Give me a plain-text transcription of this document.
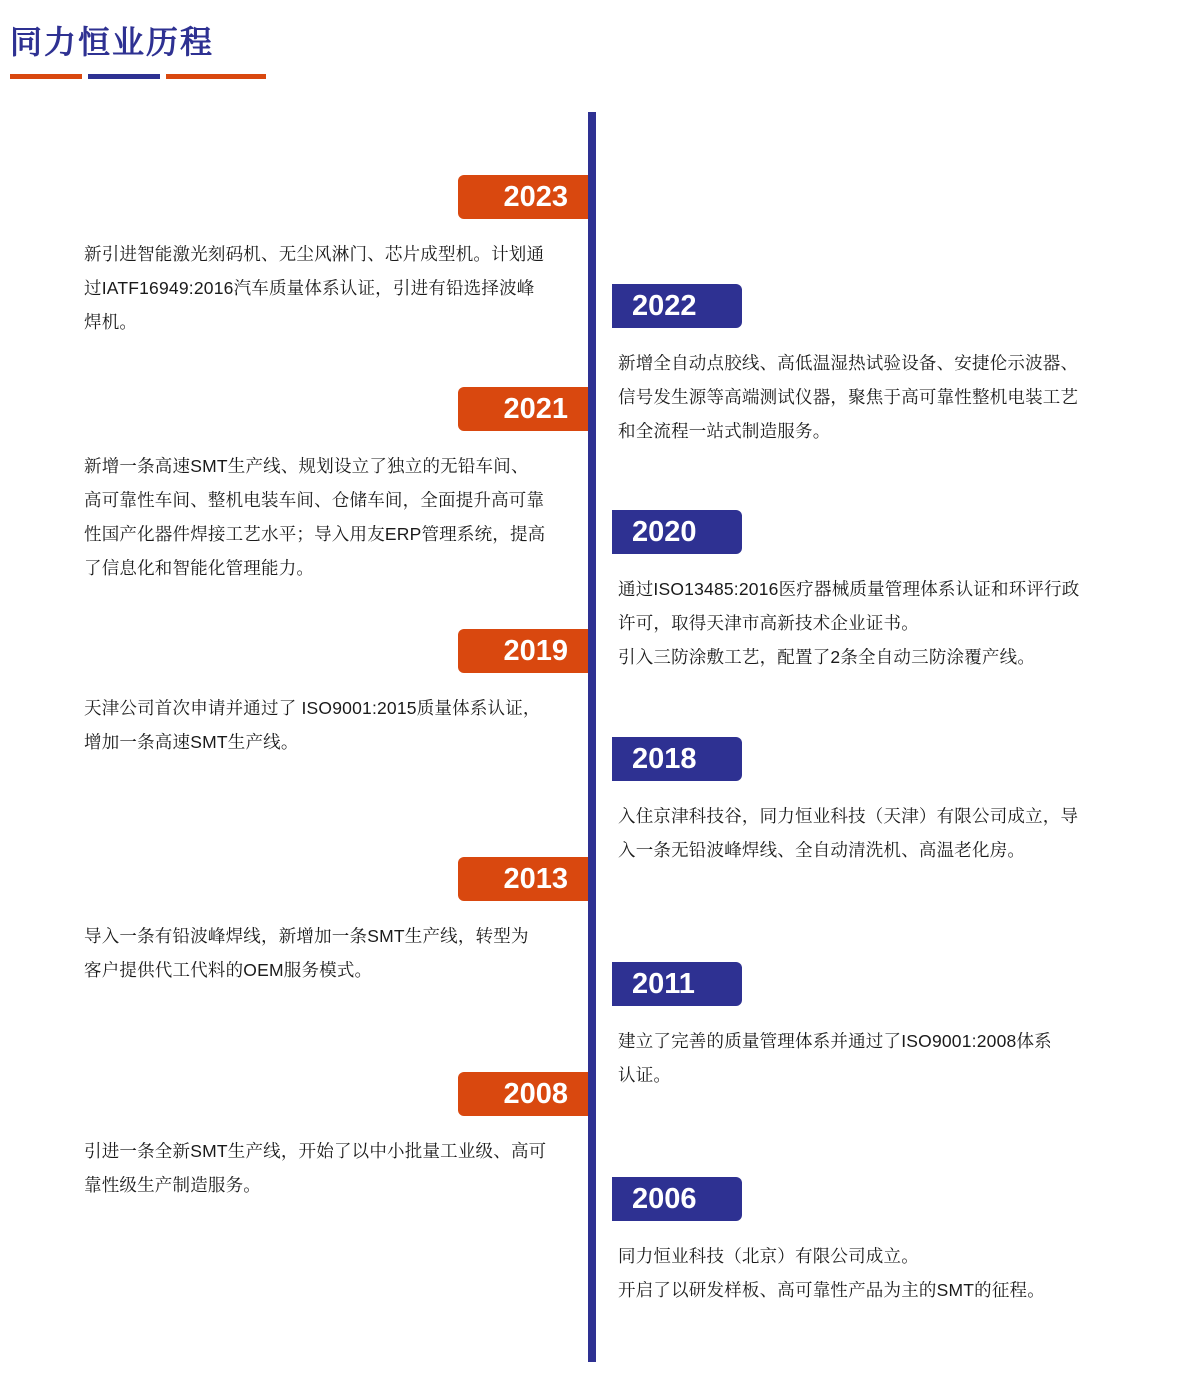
同力恒业历程
2023

新引进智能激光刻码机、无尘风淋门、芯片成型机。计划通

过IATF16949:2016汽车质量体系认证，引进有铅选择波峰

焊机。	2022

新增全自动点胶线、高低温湿热试验设备、安捷伦示波器、

信号发生源等高端测试仪器，聚焦于高可靠性整机电装工艺

和全流程一站式制造服务。

2021

新增一条高速SMT生产线、规划设立了独立的无铅车间、

高可靠性车间、整机电装车间、仓储车间，全面提升高可靠

性国产化器件焊接工艺水平；导入用友ERP管理系统，提高

了信息化和智能化管理能力。

2020

通过ISO13485:2016医疗器械质量管理体系认证和环评行政

许可，取得天津市高新技术企业证书。

引入三防涂敷工艺，配置了2条全自动三防涂覆产线。

2019

天津公司首次申请并通过了 ISO9001:2015质量体系认证，

增加一条高速SMT生产线。

2018

入住京津科技谷，同力恒业科技（天津）有限公司成立，导

入一条无铅波峰焊线、全自动清洗机、高温老化房。

2013

导入一条有铅波峰焊线，新增加一条SMT生产线，转型为

客户提供代工代料的OEM服务模式。	2011

建立了完善的质量管理体系并通过了ISO9001:2008体系

认证。

2008

引进一条全新SMT生产线，开始了以中小批量工业级、高可

靠性级生产制造服务。	2006

同力恒业科技（北京）有限公司成立。

开启了以研发样板、高可靠性产品为主的SMT的征程。
